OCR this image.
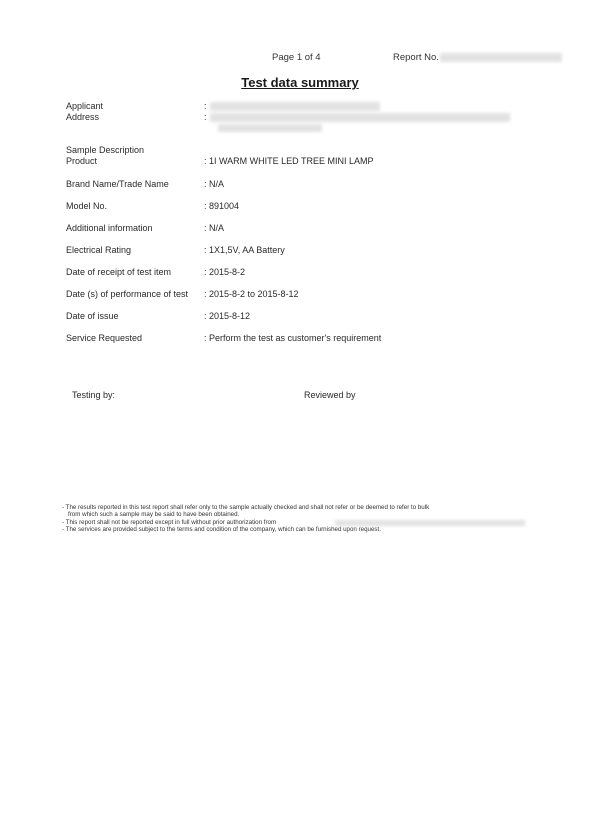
Page 1 of 4	Report No.
Test data summary
Applicant	:
Address	:
Sample Description
Product	: 1I WARM WHITE LED TREE MINI LAMP
Brand Name/Trade Name	: N/A
Model No.	: 891004
Additional information	: N/A
Electrical Rating	: 1X1,5V, AA Battery
Date of receipt of test item	: 2015-8-2
Date (s) of performance of test	: 2015-8-2 to 2015-8-12
Date of issue	: 2015-8-12
Service Requested	: Perform the test as customer's requirement
Testing by:	Reviewed by
- The results reported in this test report shall refer only to the sample actually checked and shall not refer or be deemed to refer to bulk
from which such a sample may be said to have been obtained.
- This report shall not be reported except in full without prior authorization from
- The services are provided subject to the terms and condition of the company, which can be furnished upon request.
